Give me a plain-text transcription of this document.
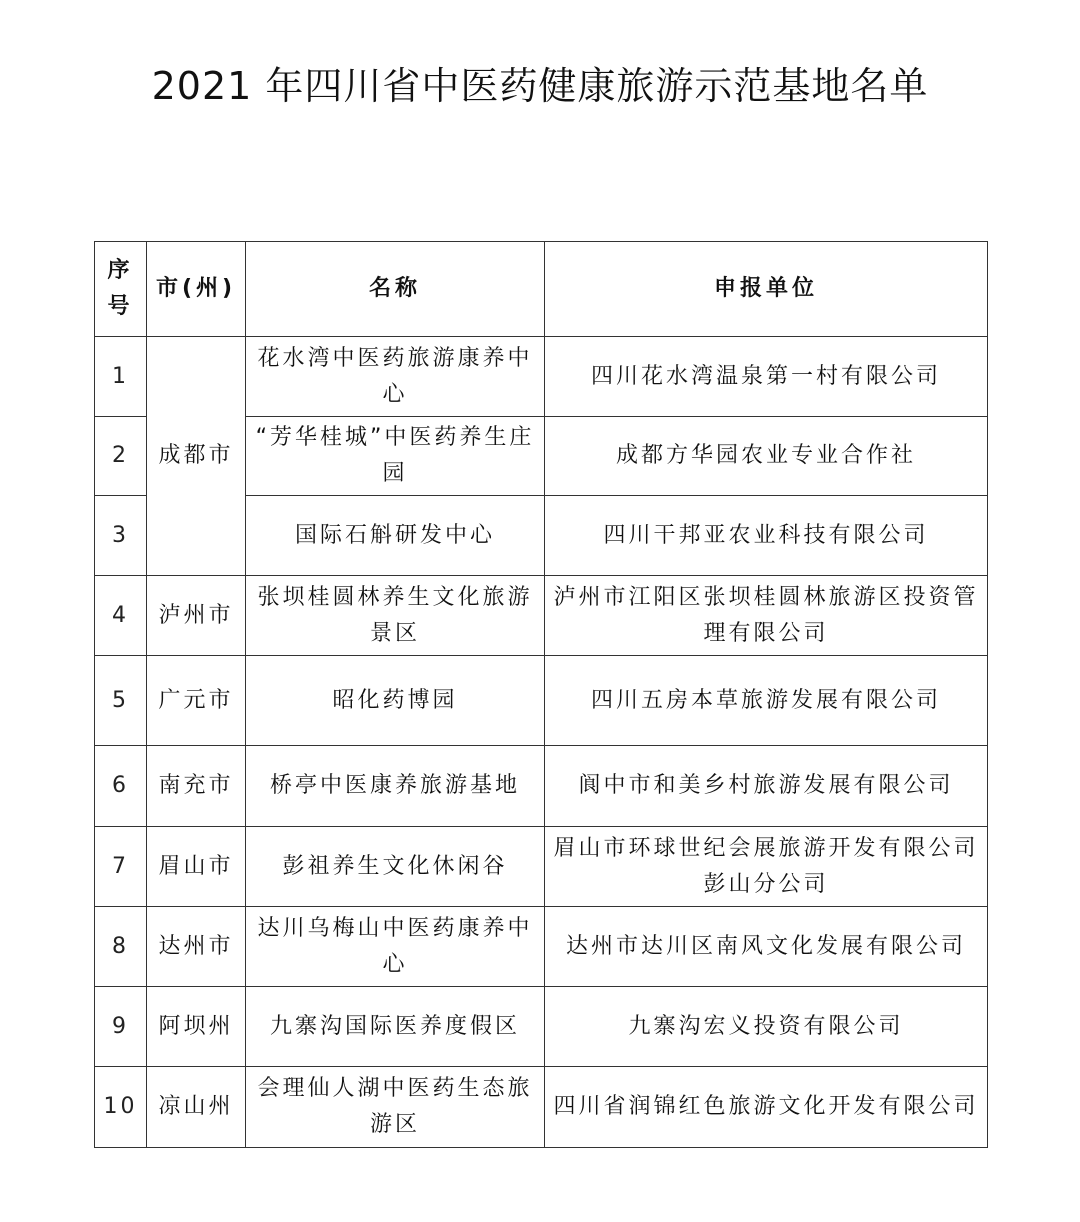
2021 年四川省中医药健康旅游示范基地名单
序号	市(州)	名称	申报单位
1	成都市	花水湾中医药旅游康养中心	四川花水湾温泉第一村有限公司
2		“芳华桂城”中医药养生庄园	成都方华园农业专业合作社
3		国际石斛研发中心	四川干邦亚农业科技有限公司
4	泸州市	张坝桂圆林养生文化旅游景区	泸州市江阳区张坝桂圆林旅游区投资管理有限公司
5	广元市	昭化药博园	四川五房本草旅游发展有限公司
6	南充市	桥亭中医康养旅游基地	阆中市和美乡村旅游发展有限公司
7	眉山市	彭祖养生文化休闲谷	眉山市环球世纪会展旅游开发有限公司彭山分公司
8	达州市	达川乌梅山中医药康养中心	达州市达川区南风文化发展有限公司
9	阿坝州	九寨沟国际医养度假区	九寨沟宏义投资有限公司
10	凉山州	会理仙人湖中医药生态旅游区	四川省润锦红色旅游文化开发有限公司
